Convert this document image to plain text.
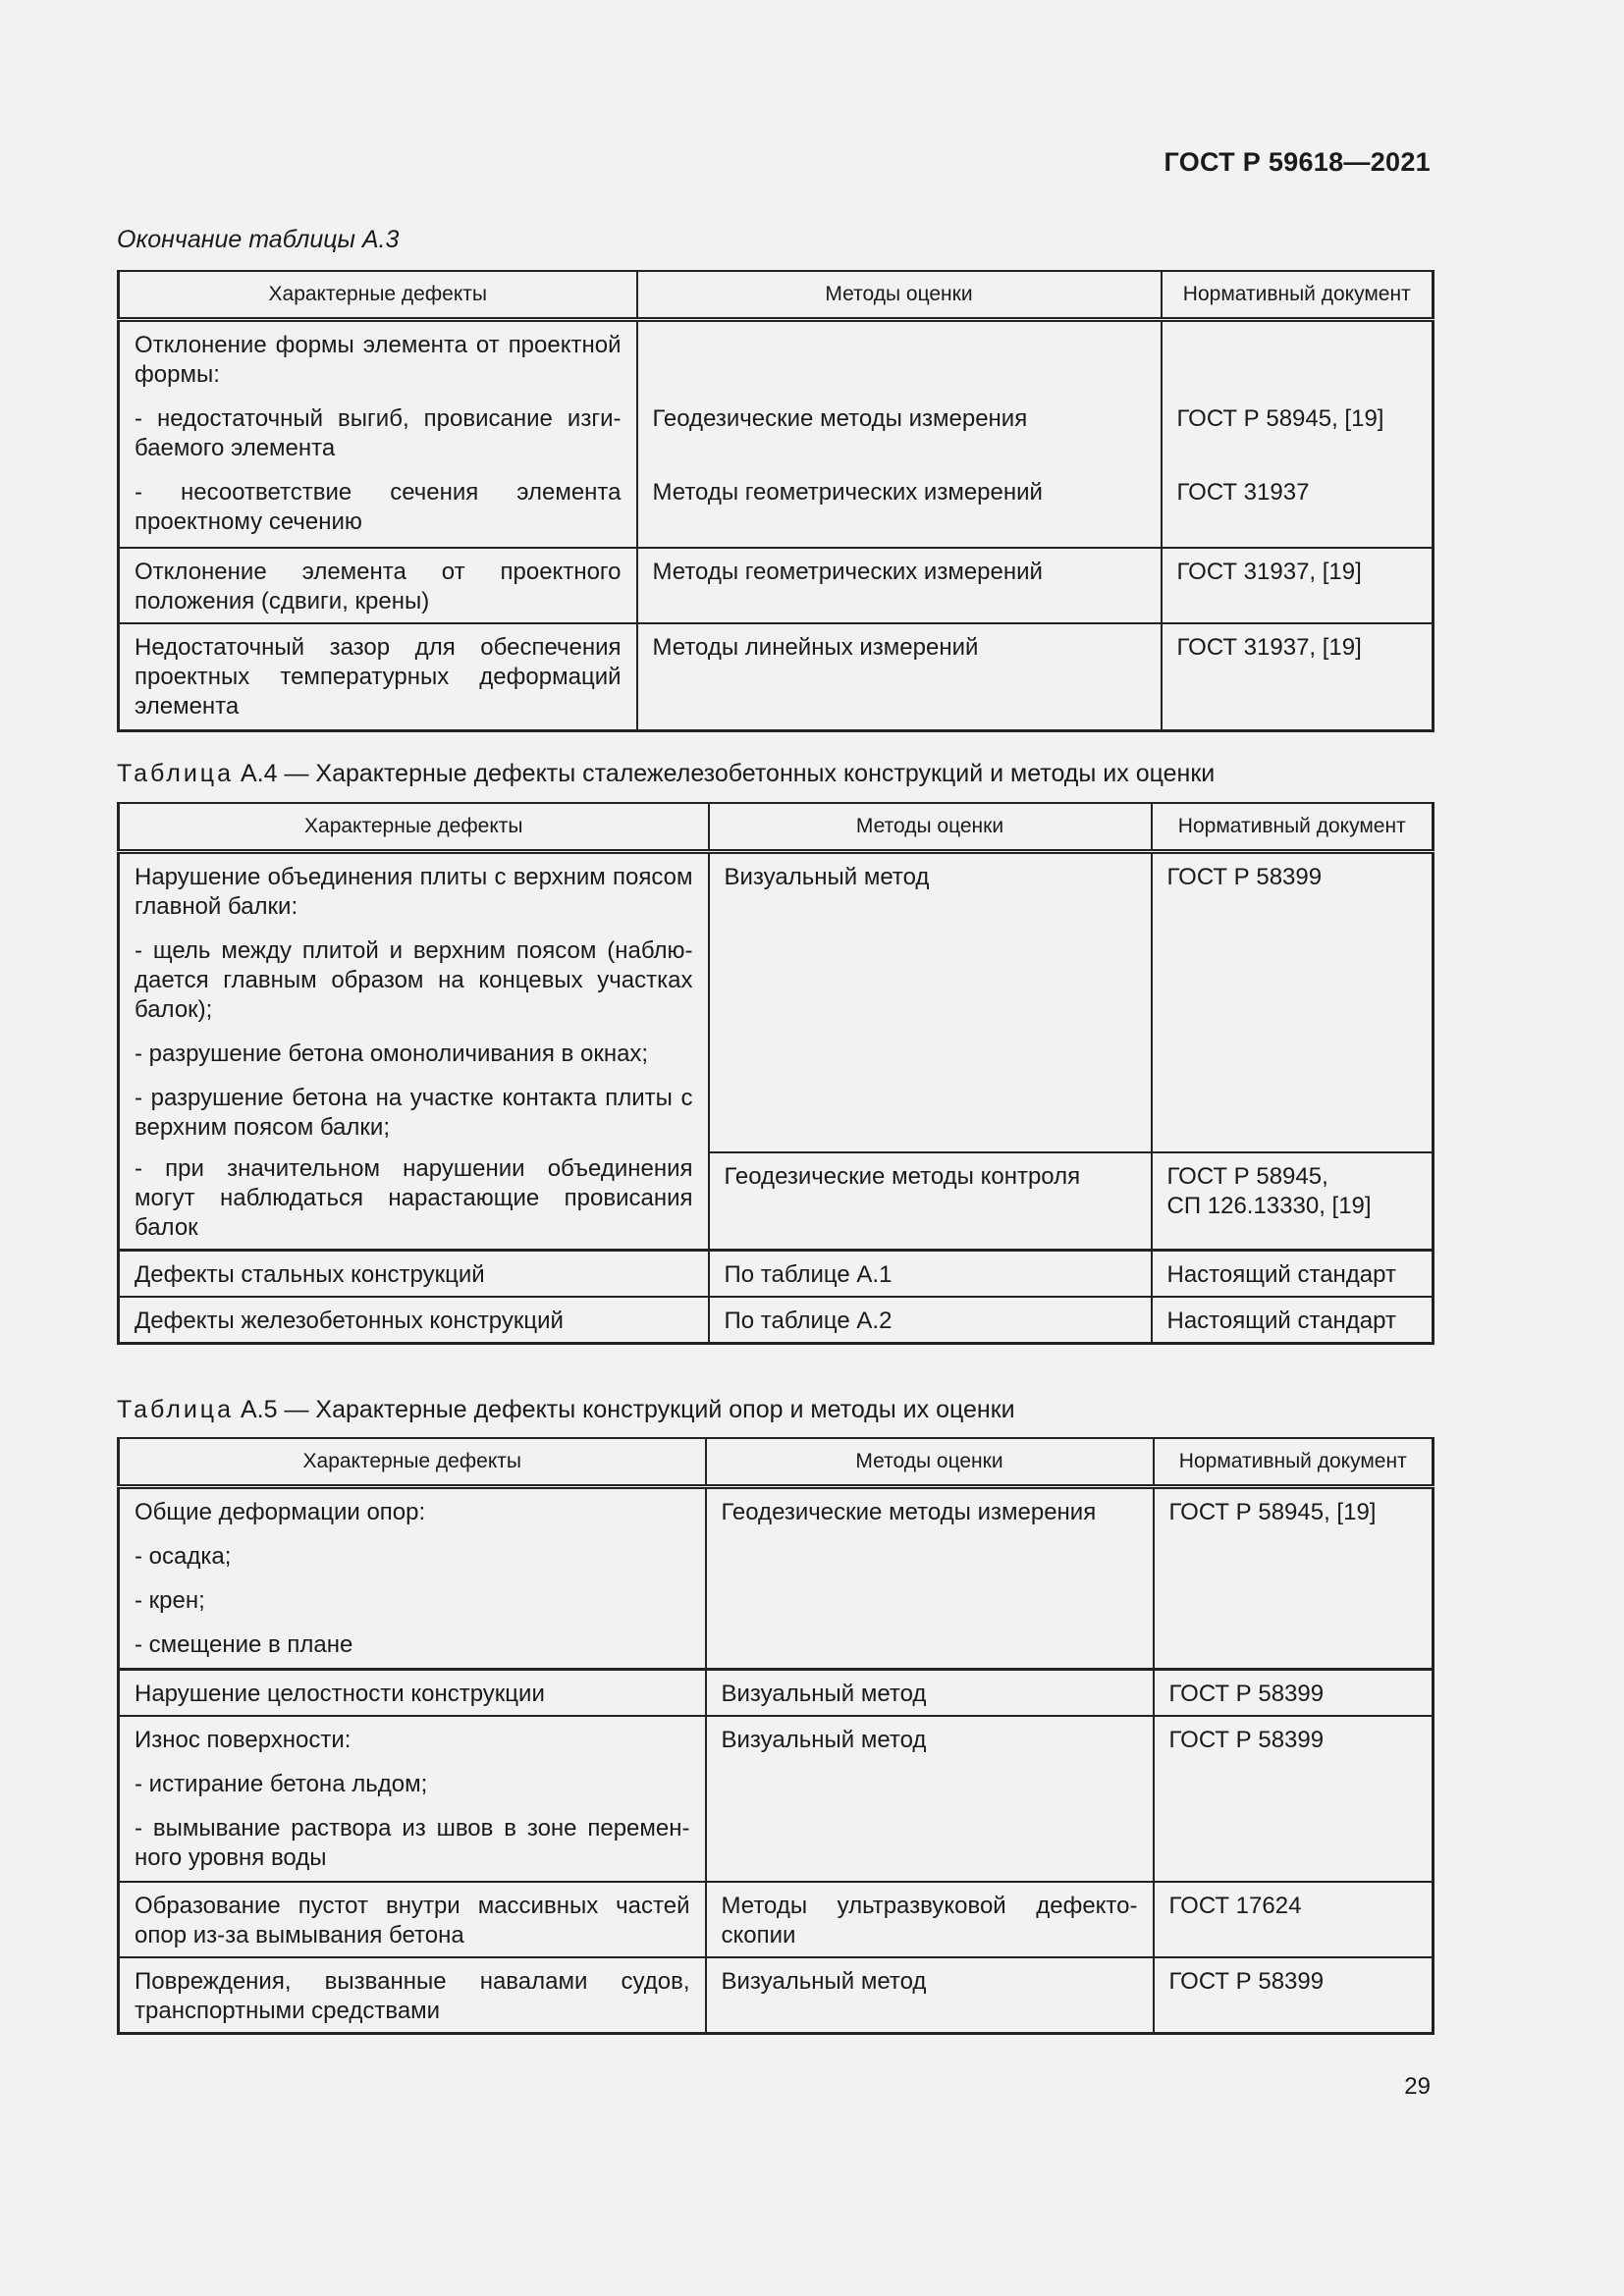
ГОСТ Р 59618—2021
Окончание таблицы А.3
Характерные дефекты	Методы оценки	Нормативный документ
Отклонение формы элемента от проектной формы:		
- недостаточный выгиб, провисание изги-баемого элемента	Геодезические методы измерения	ГОСТ Р 58945, [19]
- несоответствие сечения элемента проектному сечению	Методы геометрических измерений	ГОСТ 31937
Отклонение элемента от проектного положения (сдвиги, крены)	Методы геометрических измерений	ГОСТ 31937, [19]
Недостаточный зазор для обеспечения проектных температурных деформаций элемента	Методы линейных измерений	ГОСТ 31937, [19]
Таблица А.4 — Характерные дефекты сталежелезобетонных конструкций и методы их оценки
Характерные дефекты	Методы оценки	Нормативный документ

Нарушение объединения плиты с верхним поясом главной балки:
- щель между плитой и верхним поясом (наблю-дается главным образом на концевых участках балок);
- разрушение бетона омоноличивания в окнах;
- разрушение бетона на участке контакта плиты с верхним поясом балки;	Визуальный метод	ГОСТ Р 58399
- при значительном нарушении объединения могут наблюдаться нарастающие провисания балок	Геодезические методы контроля	ГОСТ Р 58945,
СП 126.13330, [19]

Дефекты стальных конструкций	По таблице А.1	Настоящий стандарт
Дефекты железобетонных конструкций	По таблице А.2	Настоящий стандарт
Таблица А.5 — Характерные дефекты конструкций опор и методы их оценки
Характерные дефекты	Методы оценки	Нормативный документ

Общие деформации опор:
- осадка;
- крен;
- смещение в плане	Геодезические методы измерения	ГОСТ Р 58945, [19]
Нарушение целостности конструкции	Визуальный метод	ГОСТ Р 58399

Износ поверхности:
- истирание бетона льдом;
- вымывание раствора из швов в зоне перемен-ного уровня воды	Визуальный метод	ГОСТ Р 58399
Образование пустот внутри массивных частей опор из-за вымывания бетона	Методы ультразвуковой дефекто-скопии	ГОСТ 17624
Повреждения, вызванные навалами судов, транспортными средствами	Визуальный метод	ГОСТ Р 58399
29
